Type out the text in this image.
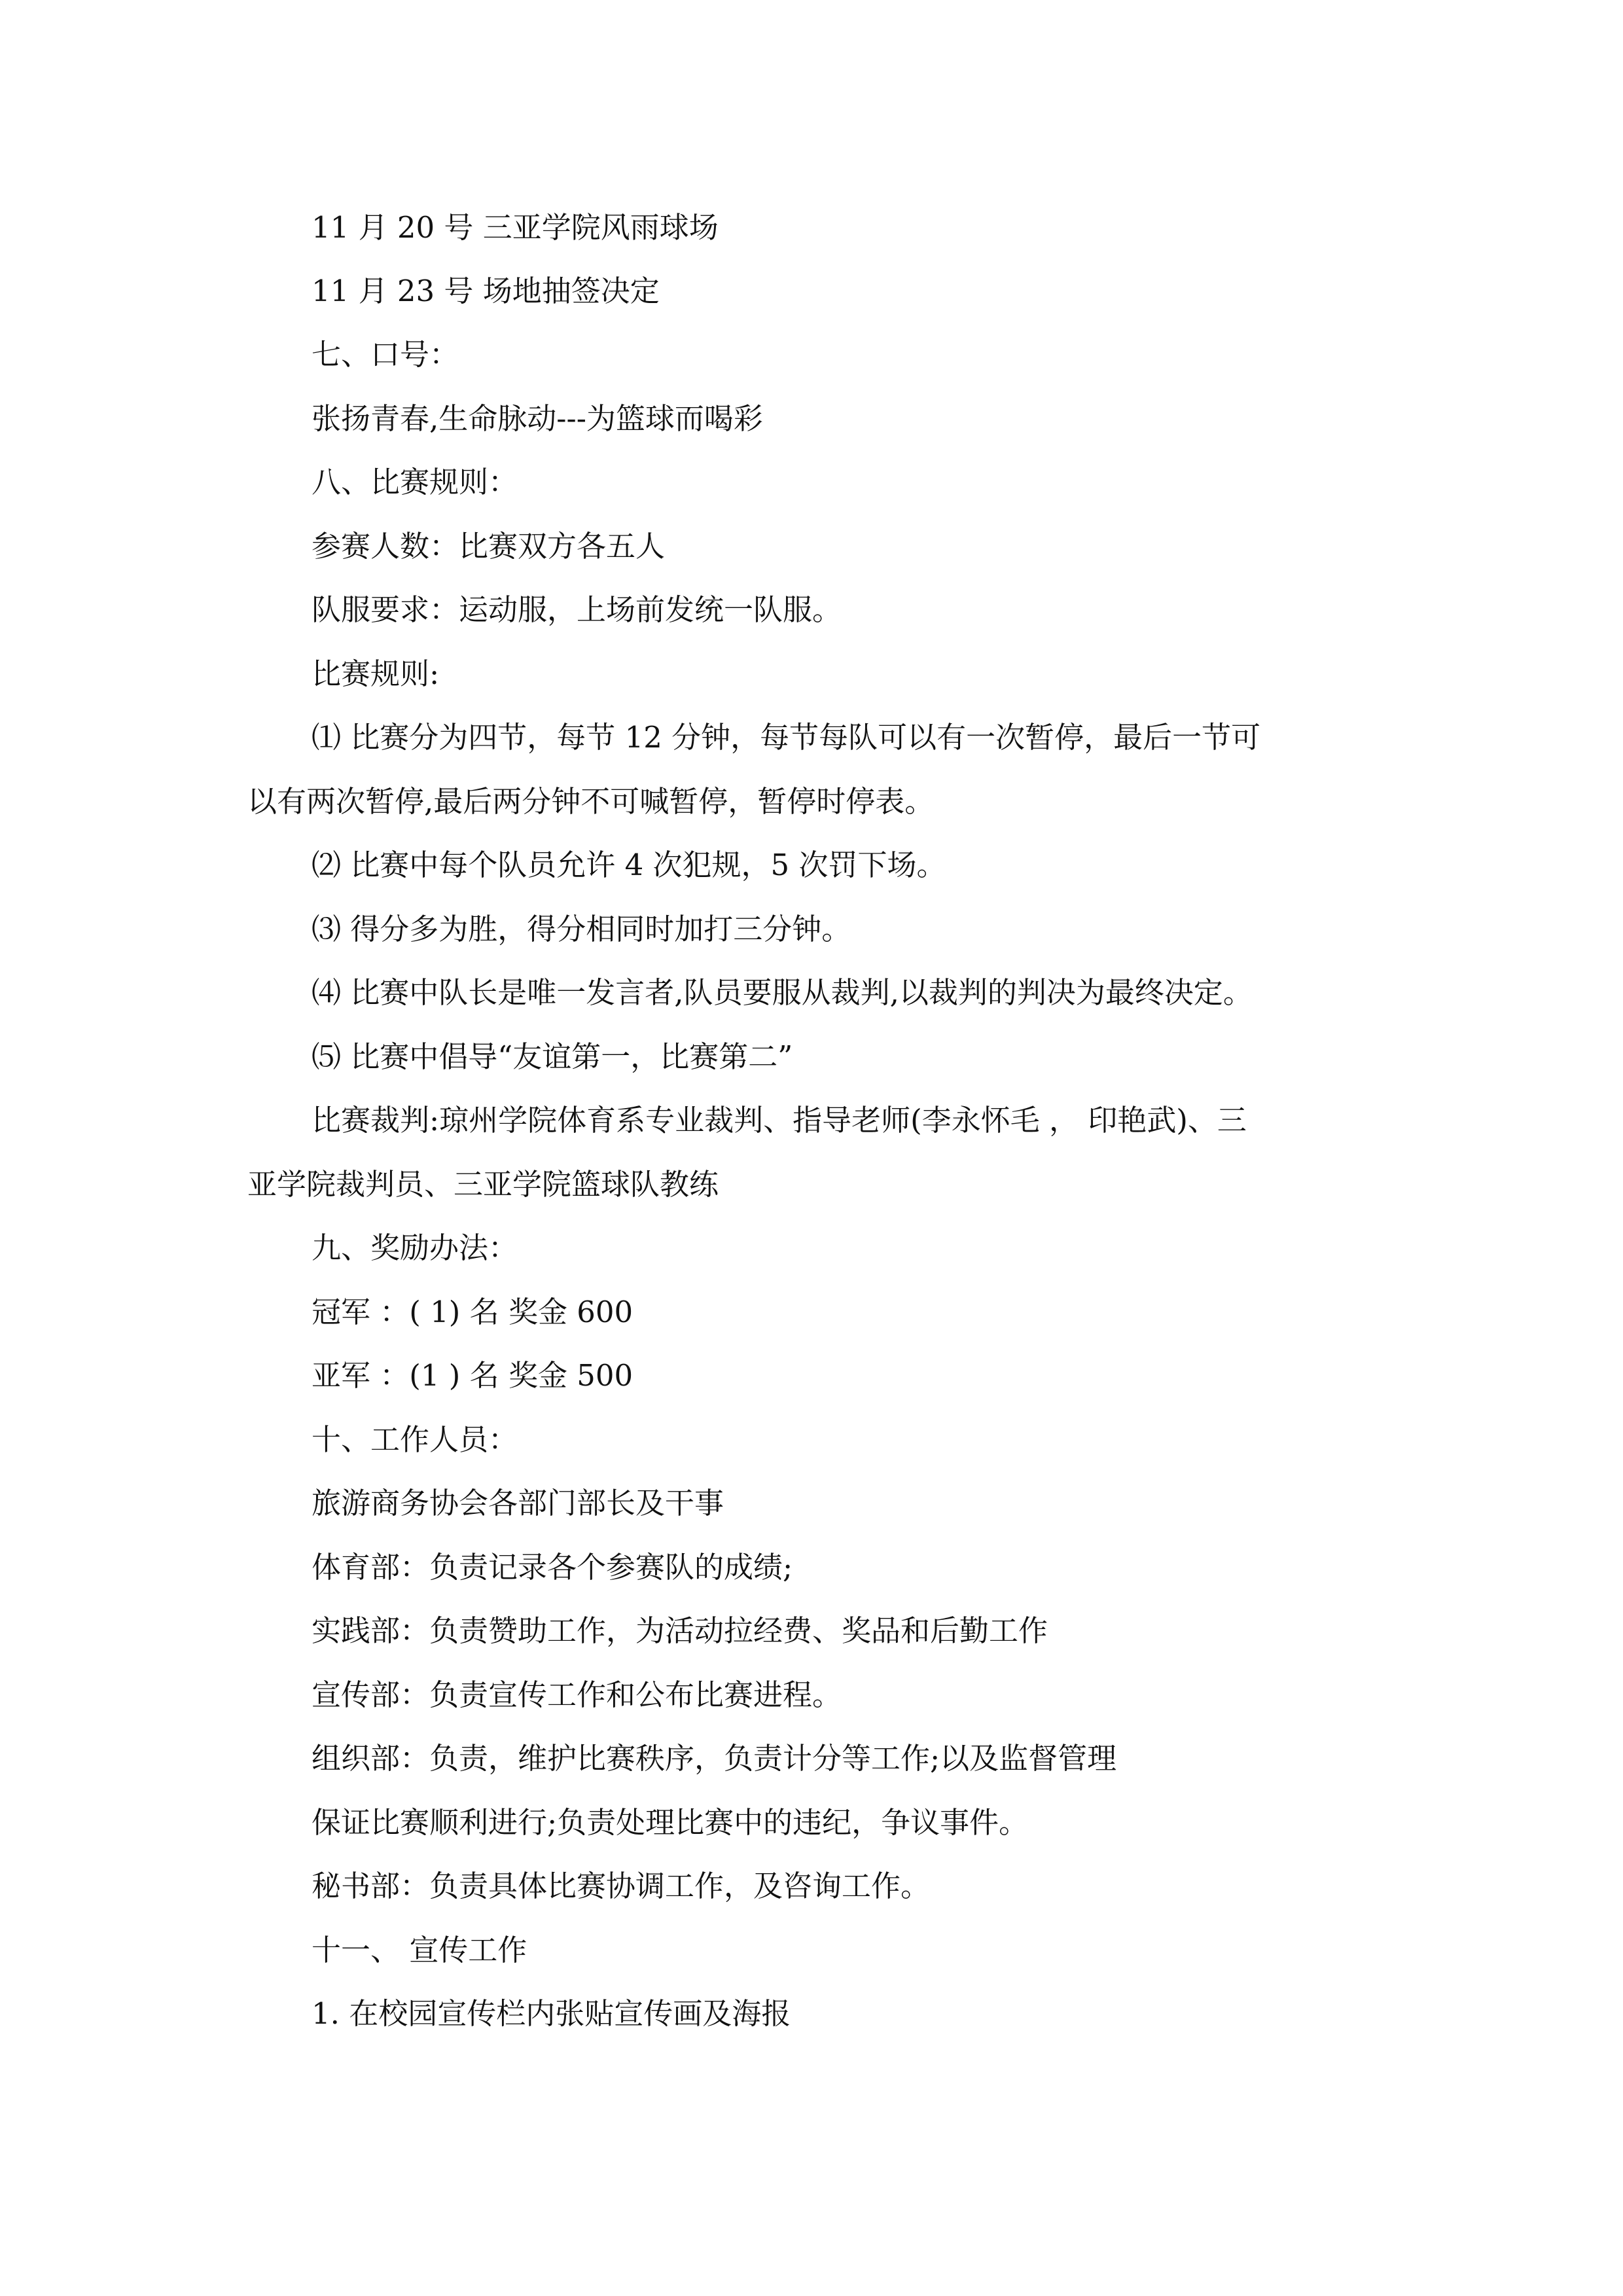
11 月 20 号 三亚学院风雨球场
11 月 23 号 场地抽签决定
七、口号：
张扬青春,生命脉动---为篮球而喝彩
八、比赛规则：
参赛人数：比赛双方各五人
队服要求：运动服，上场前发统一队服。
比赛规则:
⑴ 比赛分为四节，每节 12 分钟，每节每队可以有一次暂停，最后一节可
以有两次暂停,最后两分钟不可喊暂停，暂停时停表。
⑵ 比赛中每个队员允许 4 次犯规，5 次罚下场。
⑶ 得分多为胜，得分相同时加打三分钟。
⑷ 比赛中队长是唯一发言者,队员要服从裁判,以裁判的判决为最终决定。
⑸ 比赛中倡导“友谊第一，比赛第二”
比赛裁判:琼州学院体育系专业裁判、指导老师(李永怀毛 ， 印艳武)、三
亚学院裁判员、三亚学院篮球队教练
九、奖励办法：
冠军 ：( 1) 名 奖金 600
亚军 ：(1 ) 名 奖金 500
十、工作人员：
旅游商务协会各部门部长及干事
体育部：负责记录各个参赛队的成绩;
实践部：负责赞助工作，为活动拉经费、奖品和后勤工作
宣传部：负责宣传工作和公布比赛进程。
组织部：负责，维护比赛秩序，负责计分等工作;以及监督管理
保证比赛顺利进行;负责处理比赛中的违纪，争议事件。
秘书部：负责具体比赛协调工作，及咨询工作。
十一、 宣传工作
1. 在校园宣传栏内张贴宣传画及海报
